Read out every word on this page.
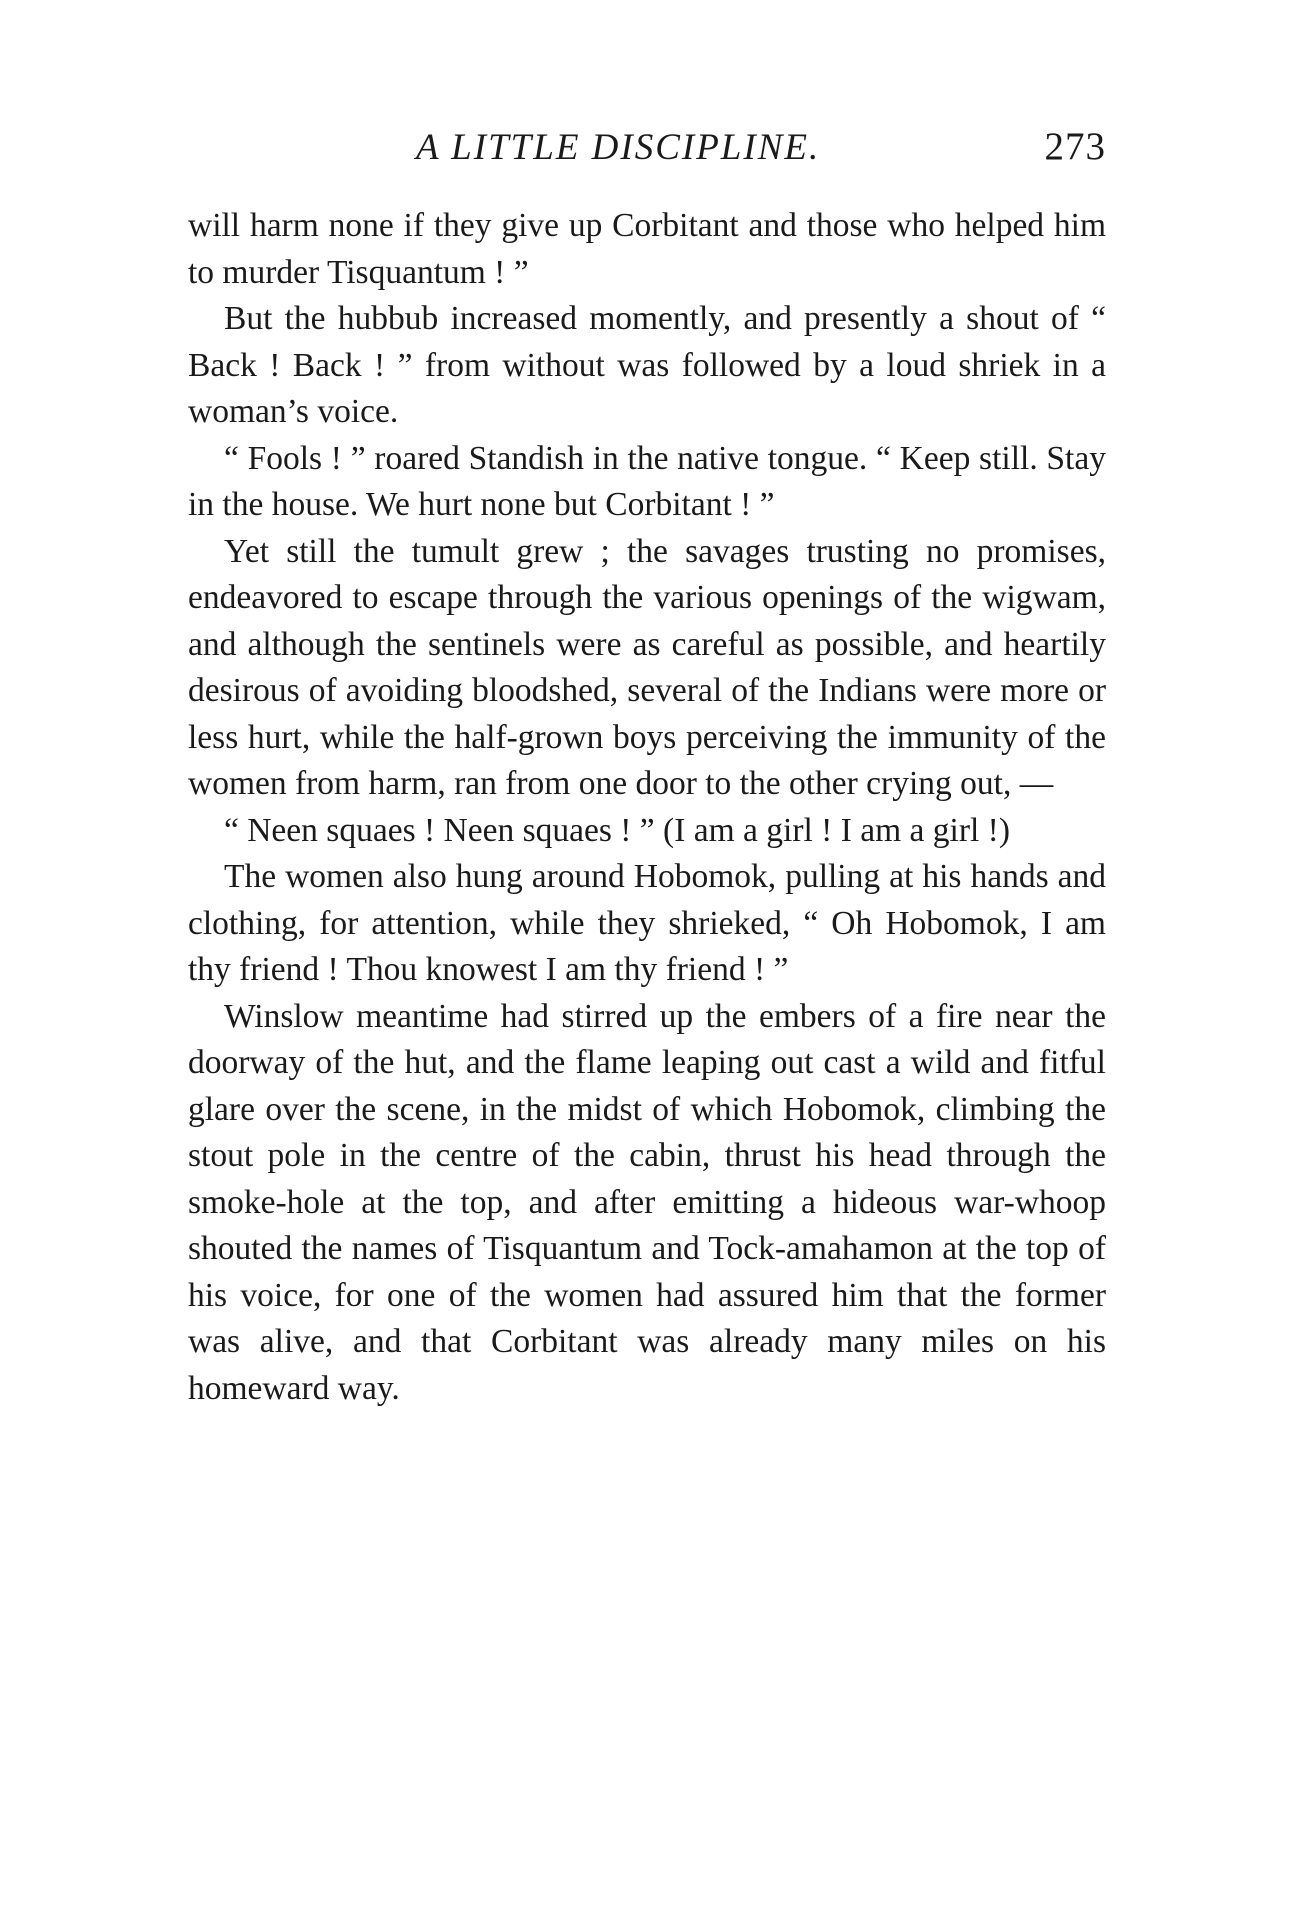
A LITTLE DISCIPLINE.	273

will harm none if they give up Corbitant and those who helped him to murder Tisquantum ! ”

But the hubbub increased momently, and presently a shout of “ Back ! Back ! ” from without was followed by a loud shriek in a woman’s voice.

“ Fools ! ” roared Standish in the native tongue. “ Keep still. Stay in the house. We hurt none but Corbitant ! ”

Yet still the tumult grew ; the savages trusting no promises, endeavored to escape through the various openings of the wigwam, and although the sentinels were as careful as possible, and heartily desirous of avoiding bloodshed, several of the Indians were more or less hurt, while the half-grown boys perceiving the immunity of the women from harm, ran from one door to the other crying out, —

“ Neen squaes ! Neen squaes ! ” (I am a girl ! I am a girl !)

The women also hung around Hobomok, pulling at his hands and clothing, for attention, while they shrieked, “ Oh Hobomok, I am thy friend ! Thou knowest I am thy friend ! ”

Winslow meantime had stirred up the embers of a fire near the doorway of the hut, and the flame leaping out cast a wild and fitful glare over the scene, in the midst of which Hobomok, climbing the stout pole in the centre of the cabin, thrust his head through the smoke-hole at the top, and after emitting a hideous war-whoop shouted the names of Tisquantum and Tock-amahamon at the top of his voice, for one of the women had assured him that the former was alive, and that Corbitant was already many miles on his homeward way.
